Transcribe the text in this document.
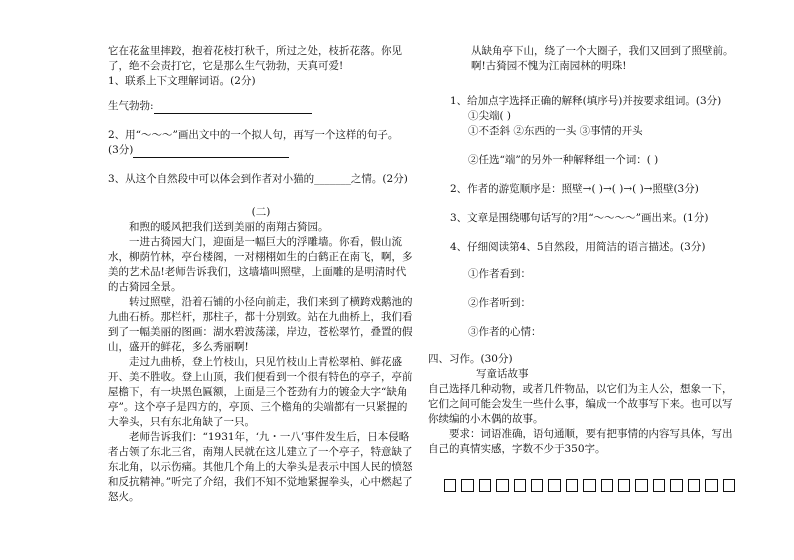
它在花盆里摔跤，抱着花枝打秋千，所过之处，枝折花落。你见

了，绝不会责打它，它是那么生气勃勃，天真可爱!

1、联系上下文理解词语。(2分)

生气勃勃:

2、用“～～～”画出文中的一个拟人句，再写一个这样的句子。

(3分)

3、从这个自然段中可以体会到作者对小猫的_______之情。(2分)

(二)

和煦的暖风把我们送到美丽的南翔古猗园。

一进古猗园大门，迎面是一幅巨大的浮雕墙。你看，假山流水，柳荫竹林，亭台楼阁，一对栩栩如生的白鹤正在南飞，啊，多美的艺术品!老师告诉我们，这墙墙叫照壁，上面雕的是明清时代的古猗园全景。

转过照壁，沿着石铺的小径向前走，我们来到了横跨戏鹅池的九曲石桥。那栏杆，那柱子，都十分别致。站在九曲桥上，我们看到了一幅美丽的图画：湖水碧波荡漾，岸边，苍松翠竹，叠置的假山，盛开的鲜花，多么秀丽啊!

走过九曲桥，登上竹枝山，只见竹枝山上青松翠柏、鲜花盛开、美不胜收。登上山顶，我们便看到一个很有特色的亭子，亭前屋檐下，有一块黑色匾额，上面是三个苍劲有力的镀金大字“缺角亭”。这个亭子是四方的，亭顶、三个檐角的尖端都有一只紧握的大拳头，只有东北角缺了一只。

老师告诉我们：“1931年，‘九・一八’事件发生后，日本侵略者占领了东北三省，南翔人民就在这儿建立了一个亭子，特意缺了东北角，以示伤痛。其他几个角上的大拳头是表示中国人民的愤怒和反抗精神。”听完了介绍，我们不知不觉地紧握拳头，心中燃起了怒火。

从缺角亭下山，绕了一个大圈子，我们又回到了照壁前。

啊!古猗园不愧为江南园林的明珠!

1、给加点字选择正确的解释(填序号)并按要求组词。(3分)

①尖端( )

①不歪斜 ②东西的一头 ③事情的开头

②任选“端”的另外一种解释组一个词：( )

2、作者的游览顺序是：照壁→( )→( )→( )→照壁(3分)

3、文章是围绕哪句话写的?用“～～～～”画出来。(1分)

4、仔细阅读第4、5自然段，用简洁的语言描述。(3分)

①作者看到：

②作者听到：

③作者的心情：

四、习作。(30分)

写童话故事

自己选择几种动物，或者几件物品，以它们为主人公，想象一下，它们之间可能会发生一些什么事，编成一个故事写下来。也可以写你续编的小木偶的故事。

要求：词语准确，语句通顺，要有把事情的内容写具体，写出自己的真情实感，字数不少于350字。
